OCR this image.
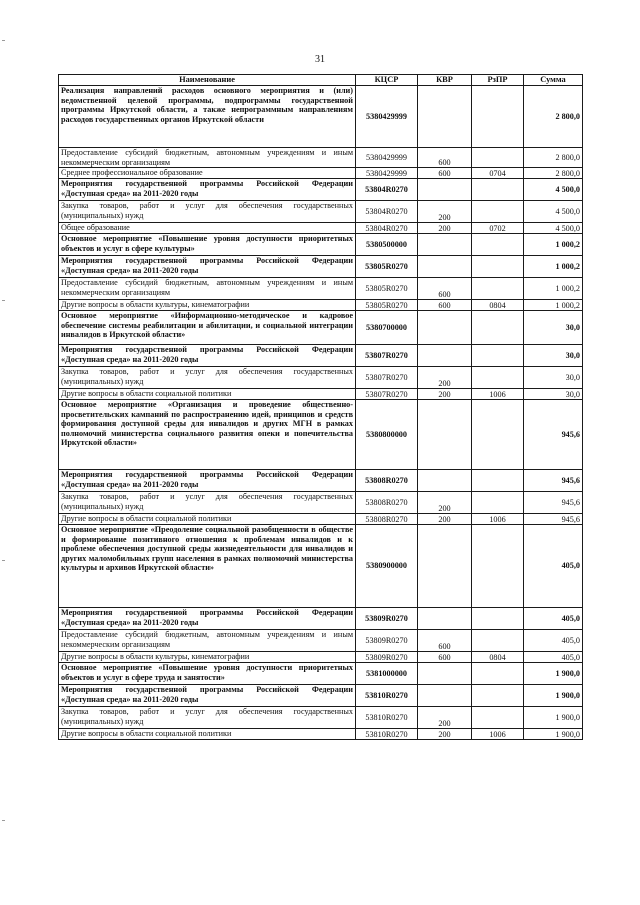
31
Наименование	КЦСР	КВР	РзПР	Сумма
Реализация направлений расходов основного мероприятия и (или) ведомственной целевой программы, подпрограммы государственной программы Иркутской области, а также непрограммным направлениям расходов государственных органов Иркутской области	5380429999			2 800,0
Предоставление субсидий бюджетным, автономным учреждениям и иным некоммерческим организациям	5380429999	600		2 800,0
Среднее профессиональное образование	5380429999	600	0704	2 800,0
Мероприятия государственной программы Российской Федерации «Доступная среда» на 2011-2020 годы	53804R0270			4 500,0
Закупка товаров, работ и услуг для обеспечения государственных (муниципальных) нужд	53804R0270	200		4 500,0
Общее образование	53804R0270	200	0702	4 500,0
Основное мероприятие «Повышение уровня доступности приоритетных объектов и услуг в сфере культуры»	5380500000			1 000,2
Мероприятия государственной программы Российской Федерации «Доступная среда» на 2011-2020 годы	53805R0270			1 000,2
Предоставление субсидий бюджетным, автономным учреждениям и иным некоммерческим организациям	53805R0270	600		1 000,2
Другие вопросы в области культуры, кинематографии	53805R0270	600	0804	1 000,2
Основное мероприятие «Информационно-методическое и кадровое обеспечение системы реабилитации и абилитации, и социальной интеграции инвалидов в Иркутской области»	5380700000			30,0
Мероприятия государственной программы Российской Федерации «Доступная среда» на 2011-2020 годы	53807R0270			30,0
Закупка товаров, работ и услуг для обеспечения государственных (муниципальных) нужд	53807R0270	200		30,0
Другие вопросы в области социальной политики	53807R0270	200	1006	30,0
Основное мероприятие «Организация и проведение общественно-просветительских кампаний по распространению идей, принципов и средств формирования доступной среды для инвалидов и других МГН в рамках полномочий министерства социального развития опеки и попечительства Иркутской области»	5380800000			945,6
Мероприятия государственной программы Российской Федерации «Доступная среда» на 2011-2020 годы	53808R0270			945,6
Закупка товаров, работ и услуг для обеспечения государственных (муниципальных) нужд	53808R0270	200		945,6
Другие вопросы в области социальной политики	53808R0270	200	1006	945,6
Основное мероприятие «Преодоление социальной разобщенности в обществе и формирование позитивного отношения к проблемам инвалидов и к проблеме обеспечения доступной среды жизнедеятельности для инвалидов и других маломобильных групп населения в рамках полномочий министерства культуры и архивов Иркутской области»	5380900000			405,0
Мероприятия государственной программы Российской Федерации «Доступная среда» на 2011-2020 годы	53809R0270			405,0
Предоставление субсидий бюджетным, автономным учреждениям и иным некоммерческим организациям	53809R0270	600		405,0
Другие вопросы в области культуры, кинематографии	53809R0270	600	0804	405,0
Основное мероприятие «Повышение уровня доступности приоритетных объектов и услуг в сфере труда и занятости»	5381000000			1 900,0
Мероприятия государственной программы Российской Федерации «Доступная среда» на 2011-2020 годы	53810R0270			1 900,0
Закупка товаров, работ и услуг для обеспечения государственных (муниципальных) нужд	53810R0270	200		1 900,0
Другие вопросы в области социальной политики	53810R0270	200	1006	1 900,0
